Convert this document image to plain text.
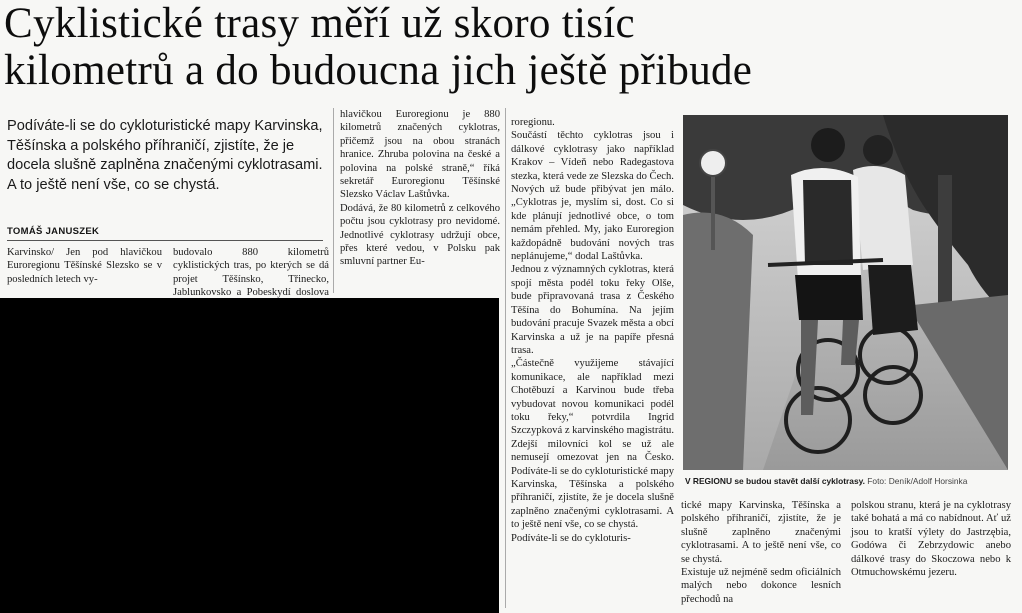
Cyklistické trasy měří už skoro tisíc
kilometrů a do budoucna jich ještě přibude
Podíváte-li se do cykloturistické mapy Karvinska, Těšínska a polského příhraničí, zjistíte, že je docela slušně zaplněna značenými cyklotrasami. A to ještě není vše, co se chystá.
TOMÁŠ JANUSZEK
Karvinsko/ Jen pod hlavičkou Euroregionu Těšínské Slezsko se v posledních letech vy-
budovalo 880 kilometrů cyklistických tras, po kterých se dá projet Těšínsko, Třinecko, Jablunkovsko a Pobeskydí doslova
hlavičkou Euroregionu je 880 kilometrů značených cyklotras, přičemž jsou na obou stranách hranice. Zhruba polovina na české a polovina na polské straně,“ říká sekretář Euroregionu Těšínské Slezsko Václav Laštůvka.
Dodává, že 80 kilometrů z celkového počtu jsou cyklotrasy pro nevidomé. Jednotlivé cyklotrasy udržují obce, přes které vedou, v Polsku pak smluvní partner Eu-
roregionu.
Součástí těchto cyklotras jsou i dálkové cyklotrasy jako například Krakov – Vídeň nebo Radegastova stezka, která vede ze Slezska do Čech.
Nových už bude přibývat jen málo. „Cyklotras je, myslím si, dost. Co si kde plánují jednotlivé obce, o tom nemám přehled. My, jako Euroregion každopádně budování nových tras neplánujeme,“ dodal Laštůvka.
Jednou z významných cyklotras, která spojí města podél toku řeky Olše, bude připravovaná trasa z Českého Těšína do Bohumína. Na jejím budování pracuje Svazek města a obcí Karvinska a už je na papíře přesná trasa.
„Částečně využijeme stávající komunikace, ale například mezi Chotěbuzí a Karvinou bude třeba vybudovat novou komunikaci podél toku řeky,“ potvrdila Ingrid Szczypková z karvinského magistrátu.
Zdejší milovníci kol se už ale nemusejí omezovat jen na Česko. Podíváte-li se do cykloturistické mapy Karvinska, Těšínska a polského příhraničí, zjistíte, že je docela slušně zaplněno značenými cyklotrasami. A to ještě není vše, co se chystá.
Podíváte-li se do cykloturis-
V REGIONU se budou stavět další cyklotrasy. Foto: Deník/Adolf Horsinka
tické mapy Karvinska, Těšínska a polského příhraničí, zjistíte, že je slušně zaplněno značenými cyklotrasami. A to ještě není vše, co se chystá.
Existuje už nejméně sedm oficiálních malých nebo dokonce lesních přechodů na
polskou stranu, která je na cyklotrasy také bohatá a má co nabídnout. Ať už jsou to kratší výlety do Jastrzębia, Godówa či Zebrzydowic anebo dálkové trasy do Skoczowa nebo k Otmuchowskému jezeru.
